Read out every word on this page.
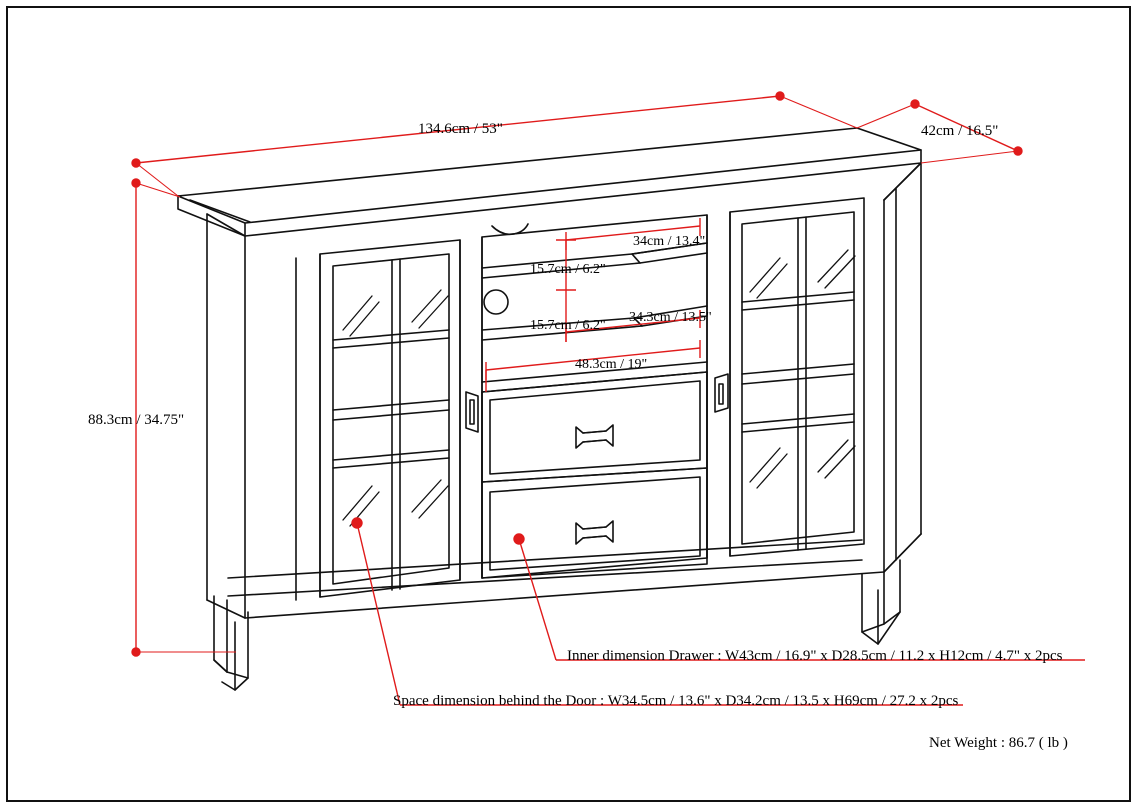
134.6cm / 53"	42cm / 16.5"
88.3cm / 34.75"
34cm / 13.4"
15.7cm / 6.2"
34.3cm / 13.5"
15.7cm / 6.2"
48.3cm / 19"
Inner dimension Drawer : W43cm / 16.9" x D28.5cm / 11.2 x H12cm / 4.7" x 2pcs
Space dimension behind the Door : W34.5cm / 13.6" x D34.2cm / 13.5 x H69cm / 27.2 x 2pcs
Net Weight : 86.7 ( lb )
